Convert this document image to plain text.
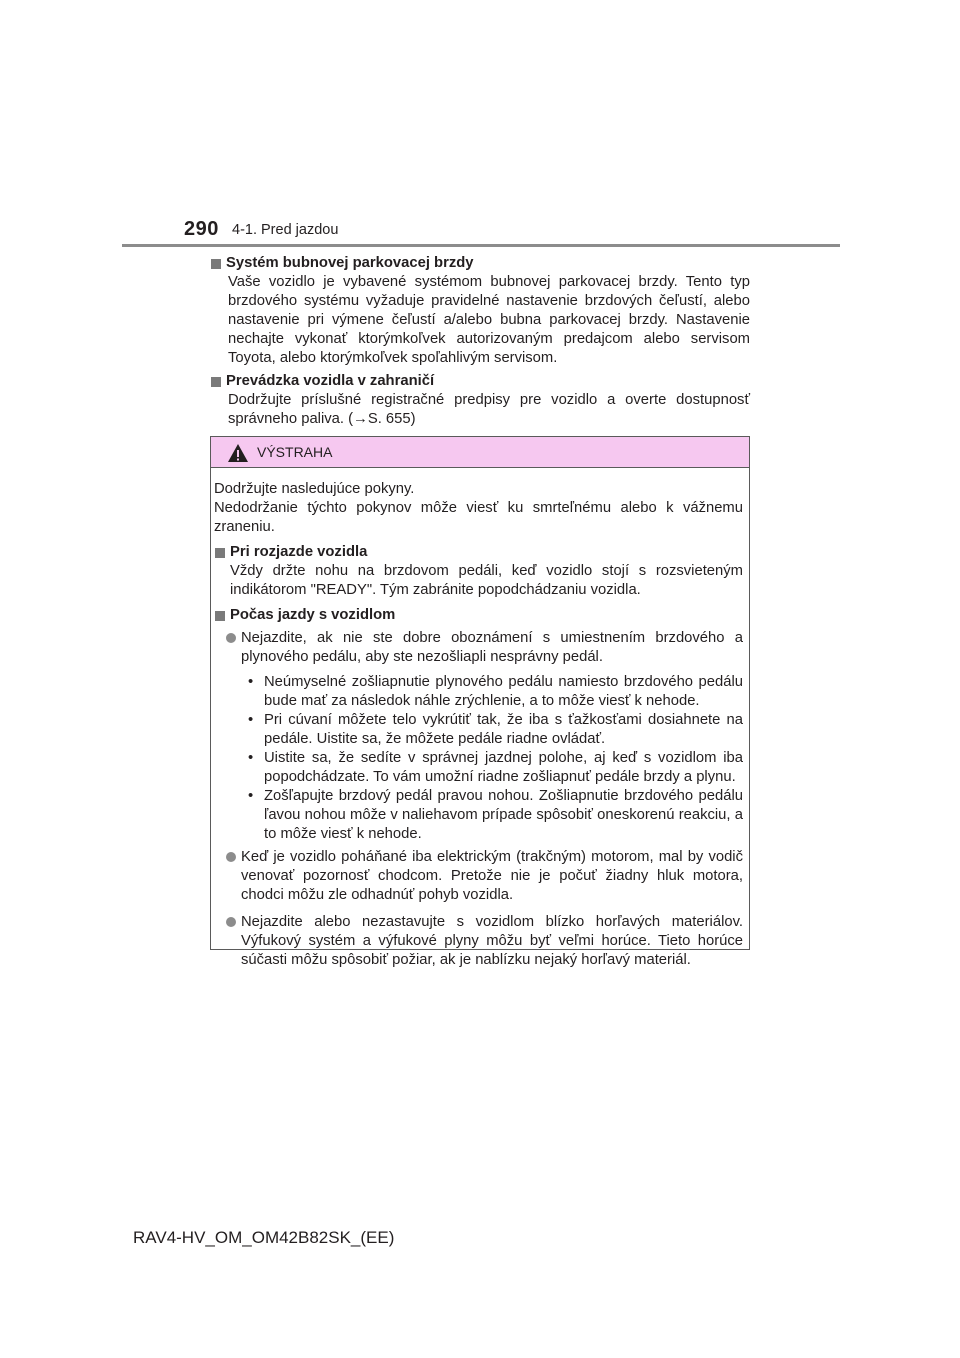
290 4-1. Pred jazdou
Systém bubnovej parkovacej brzdy
Vaše vozidlo je vybavené systémom bubnovej parkovacej brzdy. Tento typ brzdového systému vyžaduje pravidelné nastavenie brzdových čeľustí, alebo nastavenie pri výmene čeľustí a/alebo bubna parkovacej brzdy. Nastavenie nechajte vykonať ktorýmkoľvek autorizovaným predajcom alebo servisom Toyota, alebo ktorýmkoľvek spoľahlivým servisom.
Prevádzka vozidla v zahraničí
Dodržujte príslušné registračné predpisy pre vozidlo a overte dostupnosť správneho paliva. (→S. 655)
VÝSTRAHA
Dodržujte nasledujúce pokyny.
Nedodržanie týchto pokynov môže viesť ku smrteľnému alebo k vážnemu zraneniu.
Pri rozjazde vozidla
Vždy držte nohu na brzdovom pedáli, keď vozidlo stojí s rozsvieteným indikátorom "READY". Tým zabránite popodchádzaniu vozidla.
Počas jazdy s vozidlom
Nejazdite, ak nie ste dobre oboznámení s umiestnením brzdového a plynového pedálu, aby ste nezošliapli nesprávny pedál.
• Neúmyselné zošliapnutie plynového pedálu namiesto brzdového pedálu bude mať za následok náhle zrýchlenie, a to môže viesť k nehode.
• Pri cúvaní môžete telo vykrútiť tak, že iba s ťažkosťami dosiahnete na pedále. Uistite sa, že môžete pedále riadne ovládať.
• Uistite sa, že sedíte v správnej jazdnej polohe, aj keď s vozidlom iba popodchádzate. To vám umožní riadne zošliapnuť pedále brzdy a plynu.
• Zošľapujte brzdový pedál pravou nohou. Zošliapnutie brzdového pedálu ľavou nohou môže v naliehavom prípade spôsobiť oneskorenú reakciu, a to môže viesť k nehode.
Keď je vozidlo poháňané iba elektrickým (trakčným) motorom, mal by vodič venovať pozornosť chodcom. Pretože nie je počuť žiadny hluk motora, chodci môžu zle odhadnúť pohyb vozidla.
Nejazdite alebo nezastavujte s vozidlom blízko horľavých materiálov. Výfukový systém a výfukové plyny môžu byť veľmi horúce. Tieto horúce súčasti môžu spôsobiť požiar, ak je nablízku nejaký horľavý materiál.
RAV4-HV_OM_OM42B82SK_(EE)
